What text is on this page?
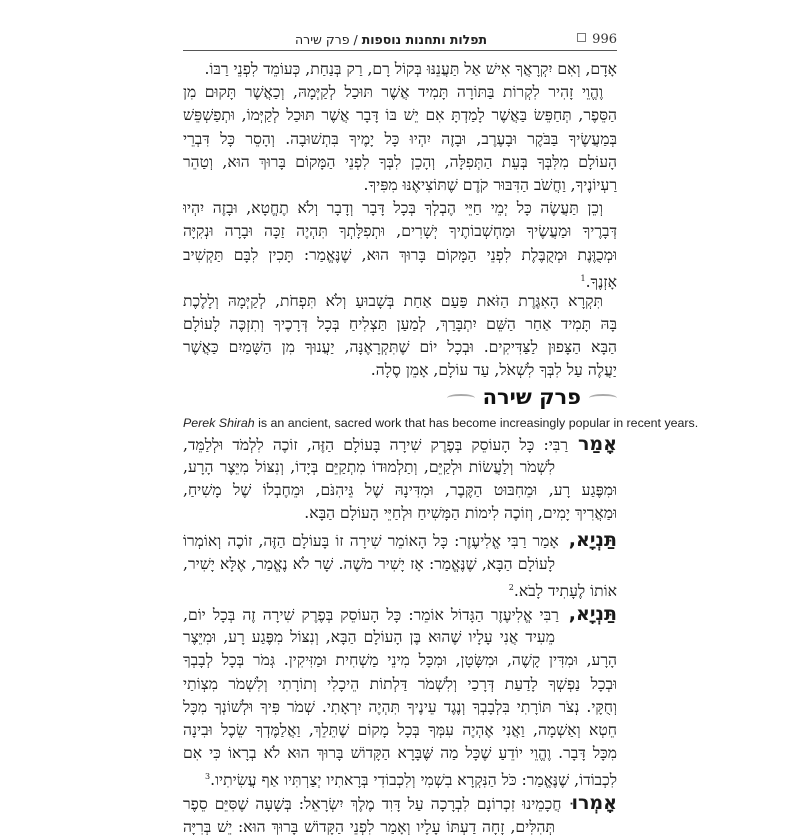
תפלות ותחנות נוספות / פרק שירה	996
אָדָם, וְאִם יִקְרָאֲךָ אִישׁ אַל תַּעֲנֵנּוּ בְּקוֹל רָם, רַק בְּנַחַת, כְּעוֹמֵד לִפְנֵי רַבּוֹ.
וֶהֱוֵי זָהִיר לִקְרוֹת בַּתּוֹרָה תָּמִיד אֲשֶׁר תּוּכַל לְקַיְּמָהּ, וְכַאֲשֶׁר תָּקוּם מִן
הַסֵּפֶר, תְּחַפֵּשׂ בַּאֲשֶׁר לָמַדְתָּ אִם יֵשׁ בּוֹ דָּבָר אֲשֶׁר תּוּכַל לְקַיְּמוֹ, וּתְפַשְׁפֵּשׁ
בְּמַעֲשֶׂיךָ בַּבֹּקֶר וּבָעֶרֶב, וּבָזֶה יִהְיוּ כָּל יָמֶיךָ בִּתְשׁוּבָה. וְהָסֵר כָּל דִּבְרֵי
הָעוֹלָם מִלִּבְּךָ בְּעֵת הַתְּפִלָּה, וְהָכֵן לִבְּךָ לִפְנֵי הַמָּקוֹם בָּרוּךְ הוּא, וְטַהֵר
רַעְיוֹנֶיךָ, וַחֲשֹׁב הַדִּבּוּר קֹדֶם שֶׁתּוֹצִיאֶנּוּ מִפִּיךָ.
וְכֵן תַּעֲשֶׂה כָּל יְמֵי חַיֵּי הֶבְלְךָ בְּכָל דָּבָר וְדָבָר וְלֹא תֶחֱטָא, וּבָזֶה יִהְיוּ
דְּבָרֶיךָ וּמַעֲשֶׂיךָ וּמַחְשְׁבוֹתֶיךָ יְשָׁרִים, וּתְפִלָּתְךָ תִּהְיֶה זַכָּה וּבָרָה וּנְקִיָּה
וּמְכֻוֶּנֶת וּמְקֻבֶּלֶת לִפְנֵי הַמָּקוֹם בָּרוּךְ הוּא, שֶׁנֶּאֱמַר: תָּכִין לִבָּם תַּקְשִׁיב
אָזְנֶךָ.$^1$
תִּקְרָא הָאִגֶּרֶת הַזֹּאת פַּעַם אַחַת בְּשָׁבוּעַ וְלֹא תִּפְחֹת, לְקַיְּמָהּ וְלָלֶכֶת
בָּהּ תָּמִיד אַחַר הַשֵּׁם יִתְבָּרַךְ, לְמַעַן תַּצְלִיחַ בְּכָל דְּרָכֶיךָ וְתִזְכֶּה לָעוֹלָם
הַבָּא הַצָּפוּן לַצַּדִּיקִים. וּבְכָל יוֹם שֶׁתִּקְרָאֶנָּה, יַעֲנוּךָ מִן הַשָּׁמַיִם כַּאֲשֶׁר
יַעֲלֶה עַל לִבְּךָ לִשְׁאֹל, עַד עוֹלָם, אָמֵן סֶלָה.
פרק שירה
Perek Shirah is an ancient, sacred work that has become increasingly popular in recent years.
אָמַררַבִּי: כָּל הָעוֹסֵק בְּפֶרֶק שִׁירָה בָּעוֹלָם הַזֶּה, זוֹכֶה לִלְמֹד וּלְלַמֵּד,
לִשְׁמֹר וְלַעֲשׂוֹת וּלְקַיֵּם, וְתַלְמוּדוֹ מִתְקַיֵּם בְּיָדוֹ, וְנִצּוֹל מִיֵּצֶר הָרָע,
וּמִפֶּגַע רָע, וּמֵחִבּוּט הַקֶּבֶר, וּמִדִּינָהּ שֶׁל גֵּיהִנֹּם, וּמֵחֶבְלוֹ שֶׁל מָשִׁיחַ,
וּמַאֲרִיךְ יָמִים, וְזוֹכֶה לִימוֹת הַמָּשִׁיחַ וּלְחַיֵּי הָעוֹלָם הַבָּא.
תַּנְיָא,אָמַר רַבִּי אֱלִיעֶזֶר: כָּל הָאוֹמֵר שִׁירָה זוֹ בָּעוֹלָם הַזֶּה, זוֹכֶה וְאוֹמְרוֹ
לָעוֹלָם הַבָּא, שֶׁנֶּאֱמַר: אָז יָשִׁיר מֹשֶׁה. שָׁר לֹא נֶאֱמַר, אֶלָּא יָשִׁיר,
אוֹתוֹ לֶעָתִיד לָבֹא.$^2$
תַּנְיָא,רַבִּי אֱלִיעֶזֶר הַגָּדוֹל אוֹמֵר: כָּל הָעוֹסֵק בְּפֶרֶק שִׁירָה זֶה בְּכָל יוֹם,
מֵעִיד אֲנִי עָלָיו שֶׁהוּא בֶּן הָעוֹלָם הַבָּא, וְנִצּוֹל מִפֶּגַע רָע, וּמִיֵּצֶר
הָרָע, וּמִדִּין קָשֶׁה, וּמִשָּׂטָן, וּמִכָּל מִינֵי מַשְׁחִית וּמַזִּיקִין. גְּמֹר בְּכָל לְבָבְךָ
וּבְכָל נַפְשְׁךָ לָדַעַת דְּרָכַי וְלִשְׁמֹר דַּלְתוֹת הֵיכָלִי וְתוֹרָתִי וְלִשְׁמֹר מִצְוֹתַי
וְחֻקָּי. נְצֹר תּוֹרָתִי בִּלְבָבְךָ וְנֶגֶד עֵינֶיךָ תִּהְיֶה יִרְאָתִי. שְׁמֹר פִּיךָ וּלְשׁוֹנְךָ מִכָּל
חֵטְא וְאַשְׁמָה, וַאֲנִי אֶהְיֶה עִמְּךָ בְּכָל מָקוֹם שֶׁתֵּלֵךְ, וַאֲלַמֶּדְךָ שֵׂכֶל וּבִינָה
מִכָּל דָּבָר. וֶהֱוֵי יוֹדֵעַ שֶׁכָּל מַה שֶּׁבָּרָא הַקָּדוֹשׁ בָּרוּךְ הוּא לֹא בְרָאוֹ כִּי אִם
לִכְבוֹדוֹ, שֶׁנֶּאֱמַר: כֹּל הַנִּקְרָא בִשְׁמִי וְלִכְבוֹדִי בְּרָאתִיו יְצַרְתִּיו אַף עֲשִׂיתִיו.$^3$
אָמְרוּחֲכָמֵינוּ זִכְרוֹנָם לִבְרָכָה עַל דָּוִד מֶלֶךְ יִשְׂרָאֵל: בְּשָׁעָה שֶׁסִּיֵּם סֵפֶר
תְּהִלִּים, זָחָה דַעְתּוֹ עָלָיו וְאָמַר לִפְנֵי הַקָּדוֹשׁ בָּרוּךְ הוּא: יֵשׁ בְּרִיָּה
